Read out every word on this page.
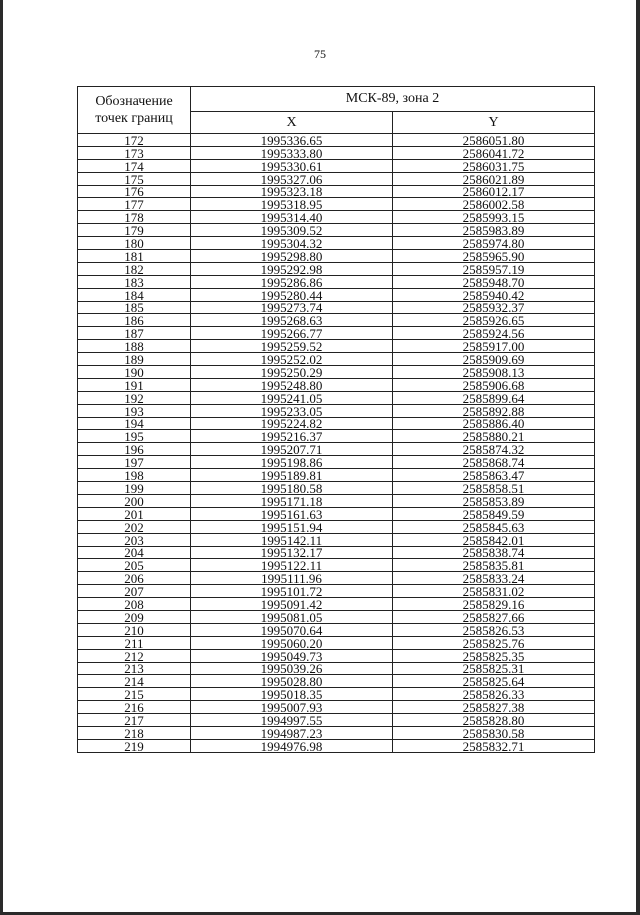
75
Обозначение
точек границ	МСК-89, зона 2	
	X	Y
172	1995336.65	2586051.80
173	1995333.80	2586041.72
174	1995330.61	2586031.75
175	1995327.06	2586021.89
176	1995323.18	2586012.17
177	1995318.95	2586002.58
178	1995314.40	2585993.15
179	1995309.52	2585983.89
180	1995304.32	2585974.80
181	1995298.80	2585965.90
182	1995292.98	2585957.19
183	1995286.86	2585948.70
184	1995280.44	2585940.42
185	1995273.74	2585932.37
186	1995268.63	2585926.65
187	1995266.77	2585924.56
188	1995259.52	2585917.00
189	1995252.02	2585909.69
190	1995250.29	2585908.13
191	1995248.80	2585906.68
192	1995241.05	2585899.64
193	1995233.05	2585892.88
194	1995224.82	2585886.40
195	1995216.37	2585880.21
196	1995207.71	2585874.32
197	1995198.86	2585868.74
198	1995189.81	2585863.47
199	1995180.58	2585858.51
200	1995171.18	2585853.89
201	1995161.63	2585849.59
202	1995151.94	2585845.63
203	1995142.11	2585842.01
204	1995132.17	2585838.74
205	1995122.11	2585835.81
206	1995111.96	2585833.24
207	1995101.72	2585831.02
208	1995091.42	2585829.16
209	1995081.05	2585827.66
210	1995070.64	2585826.53
211	1995060.20	2585825.76
212	1995049.73	2585825.35
213	1995039.26	2585825.31
214	1995028.80	2585825.64
215	1995018.35	2585826.33
216	1995007.93	2585827.38
217	1994997.55	2585828.80
218	1994987.23	2585830.58
219	1994976.98	2585832.71
